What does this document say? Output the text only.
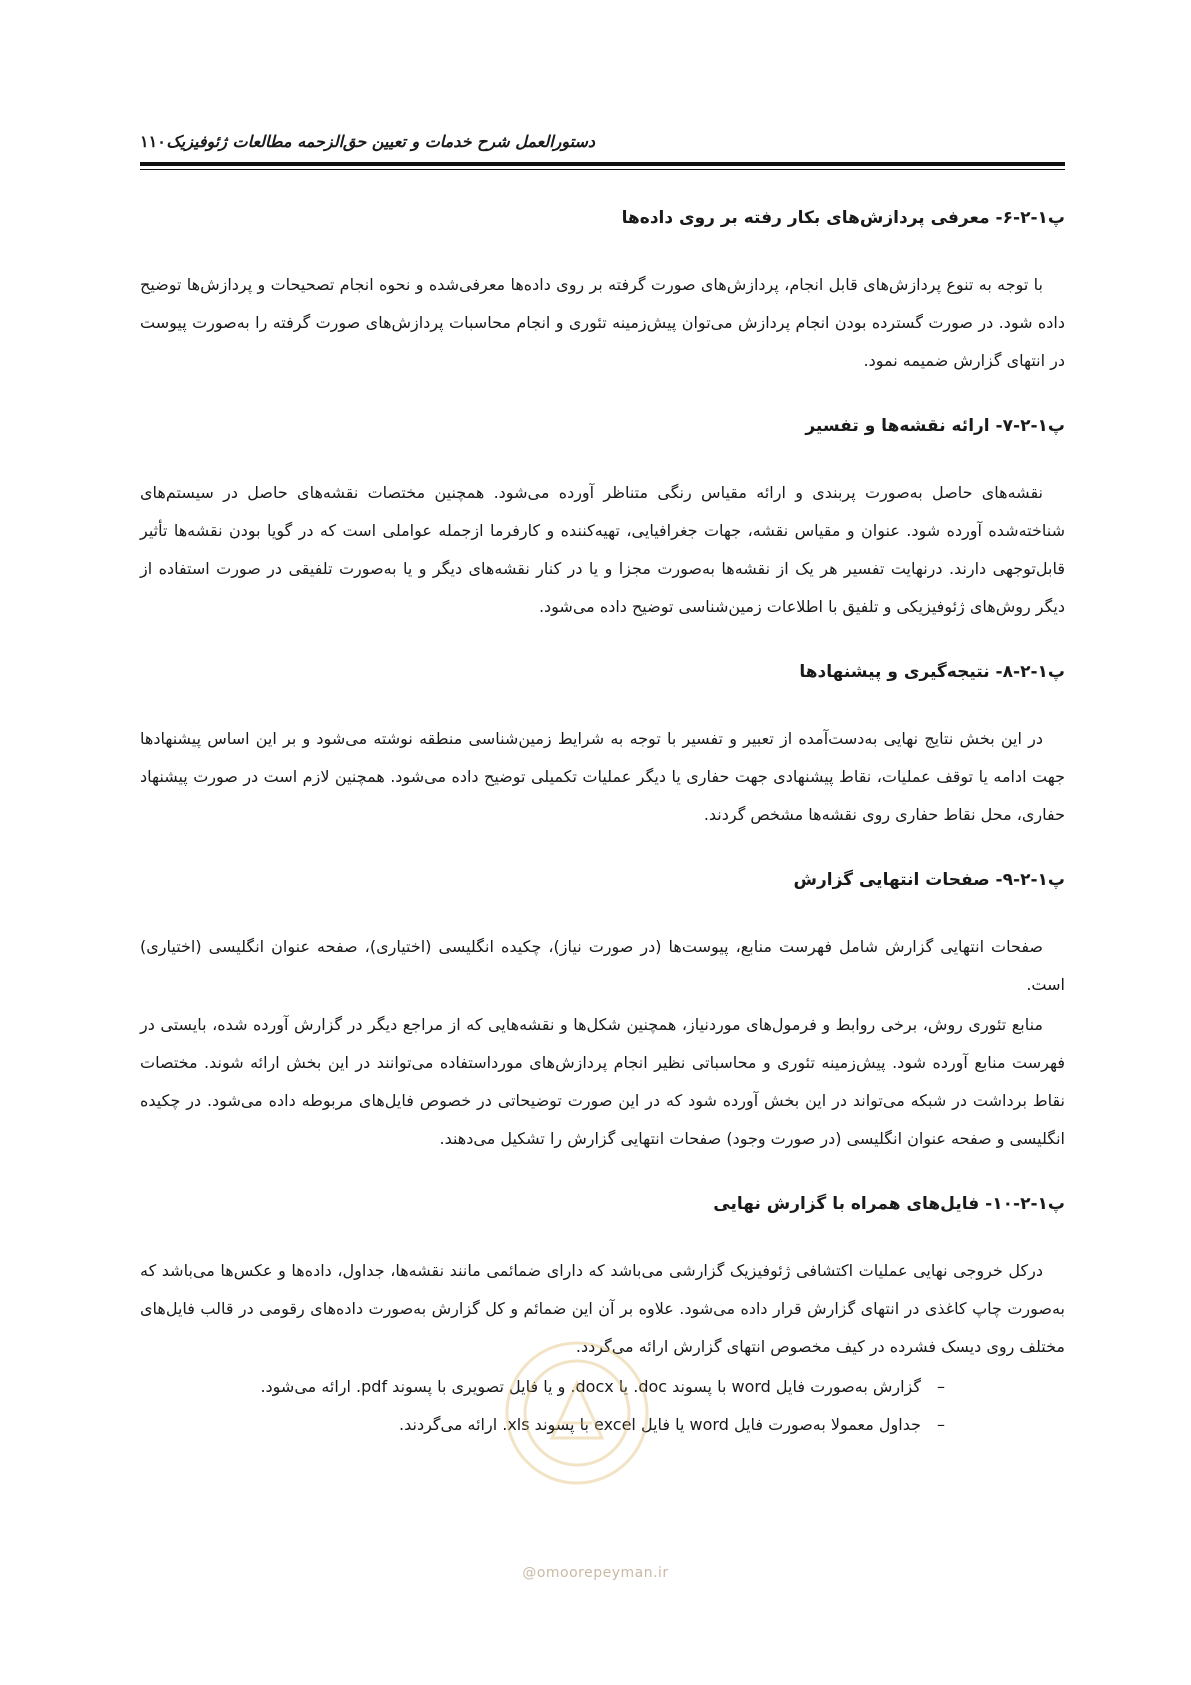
دستورالعمل شرح خدمات و تعیین حق‌الزحمه مطالعات ژئوفیزیک
۱۱۰
پ۱-۲-۶- معرفی پردازش‌های بکار رفته بر روی داده‌ها

با توجه به تنوع پردازش‌های قابل انجام، پردازش‌های صورت گرفته بر روی داده‌ها معرفی‌شده و نحوه انجام تصحیحات و پردازش‌ها توضیح داده شود. در صورت گسترده بودن انجام پردازش می‌توان پیش‌زمینه تئوری و انجام محاسبات پردازش‌های صورت گرفته را به‌صورت پیوست در انتهای گزارش ضمیمه نمود.

پ۱-۲-۷- ارائه نقشه‌ها و تفسیر

نقشه‌های حاصل به‌صورت پربندی و ارائه مقیاس رنگی متناظر آورده می‌شود. همچنین مختصات نقشه‌های حاصل در سیستم‌های شناخته‌شده آورده شود. عنوان و مقیاس نقشه، جهات جغرافیایی، تهیه‌کننده و کارفرما ازجمله عواملی است که در گویا بودن نقشه‌ها تأثیر قابل‌توجهی دارند. درنهایت تفسیر هر یک از نقشه‌ها به‌صورت مجزا و یا در کنار نقشه‌های دیگر و یا به‌صورت تلفیقی در صورت استفاده از دیگر روش‌های ژئوفیزیکی و تلفیق با اطلاعات زمین‌شناسی توضیح داده می‌شود.

پ۱-۲-۸- نتیجه‌گیری و پیشنهادها

در این بخش نتایج نهایی به‌دست‌آمده از تعبیر و تفسیر با توجه به شرایط زمین‌شناسی منطقه نوشته می‌شود و بر این اساس پیشنهادها جهت ادامه یا توقف عملیات، نقاط پیشنهادی جهت حفاری یا دیگر عملیات تکمیلی توضیح داده می‌شود. همچنین لازم است در صورت پیشنهاد حفاری، محل نقاط حفاری روی نقشه‌ها مشخص گردند.

پ۱-۲-۹- صفحات انتهایی گزارش

صفحات انتهایی گزارش شامل فهرست منابع، پیوست‌ها (در صورت نیاز)، چکیده انگلیسی (اختیاری)، صفحه عنوان انگلیسی (اختیاری) است.

منابع تئوری روش، برخی روابط و فرمول‌های موردنیاز، همچنین شکل‌ها و نقشه‌هایی که از مراجع دیگر در گزارش آورده شده، بایستی در فهرست منابع آورده شود. پیش‌زمینه تئوری و محاسباتی نظیر انجام پردازش‌های مورداستفاده می‌توانند در این بخش ارائه شوند. مختصات نقاط برداشت در شبکه می‌تواند در این بخش آورده شود که در این صورت توضیحاتی در خصوص فایل‌های مربوطه داده می‌شود. در چکیده انگلیسی و صفحه عنوان انگلیسی (در صورت وجود) صفحات انتهایی گزارش را تشکیل می‌دهند.

پ۱-۲-۱۰- فایل‌های همراه با گزارش نهایی

درکل خروجی نهایی عملیات اکتشافی ژئوفیزیک گزارشی می‌باشد که دارای ضمائمی مانند نقشه‌ها، جداول، داده‌ها و عکس‌ها می‌باشد که به‌صورت چاپ کاغذی در انتهای گزارش قرار داده می‌شود. علاوه بر آن این ضمائم و کل گزارش به‌صورت داده‌های رقومی در قالب فایل‌های مختلف روی دیسک فشرده در کیف مخصوص انتهای گزارش ارائه می‌گردد.

–گزارش به‌صورت فایل word با پسوند doc. یا docx. و یا فایل تصویری با پسوند pdf. ارائه می‌شود.
–جداول معمولا به‌صورت فایل word یا فایل excel با پسوند xls. ارائه می‌گردند.
@omoorepeyman.ir
